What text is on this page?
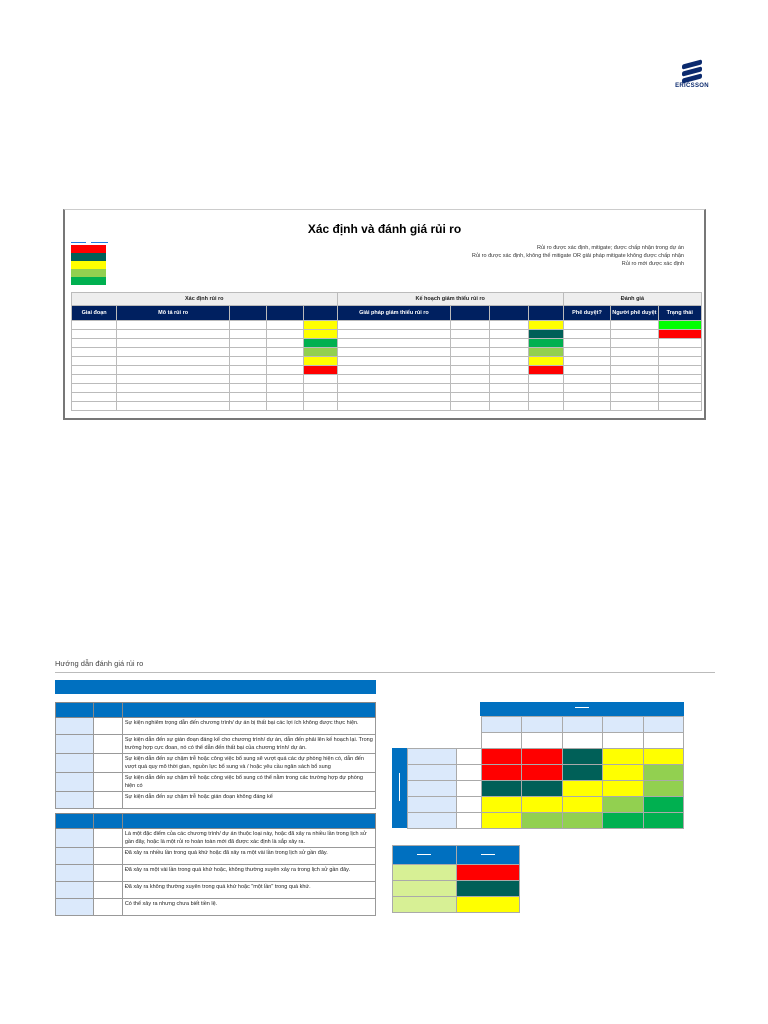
ERICSSON
Xác định và đánh giá rủi ro
Rủi ro được xác định, mitigate; được chấp nhận trong dự án
Rủi ro được xác định, không thể mitigate OR giải pháp mitigate không được chấp nhận
Rủi ro mới được xác định
Xác định rủi ro					Kế hoạch giảm thiểu rủi ro				Đánh giá		
Giai đoạn	Mô tả rủi ro				Giải pháp giảm thiểu rủi ro				Phê duyệt?	Người phê duyệt	Trạng thái

Hướng dẫn đánh giá rủi ro

		Sự kiện nghiêm trọng dẫn đến chương trình/ dự án bị thất bại các lợi ích không được thực hiện.
		Sự kiện dẫn đến sự gián đoạn đáng kể cho chương trình/ dự án, dẫn đến phải lên kế hoạch lại. Trong trường hợp cực đoan, nó có thể dẫn đến thất bại của chương trình/ dự án.
		Sự kiện dẫn đến sự chậm trễ hoặc công việc bổ sung sẽ vượt quá các dự phòng hiện có, dẫn đến vượt quá quy mô thời gian, nguồn lực bổ sung và / hoặc yêu cầu ngân sách bổ sung
		Sự kiện dẫn đến sự chậm trễ hoặc công việc bổ sung có thể nằm trong các trường hợp dự phòng hiện có
		Sự kiện dẫn đến sự chậm trễ hoặc gián đoạn không đáng kể

		Là một đặc điểm của các chương trình/ dự án thuộc loại này, hoặc đã xảy ra nhiều lần trong lịch sử gần đây, hoặc là một rủi ro hoàn toàn mới đã được xác định là sắp xảy ra.
		Đã xảy ra nhiều lần trong quá khứ hoặc đã xảy ra một vài lần trong lịch sử gần đây.
		Đã xảy ra một vài lần trong quá khứ hoặc, không thường xuyên xảy ra trong lịch sử gần đây.
		Đã xảy ra không thường xuyên trong quá khứ hoặc "một lần" trong quá khứ.
		Có thể xảy ra nhưng chưa biết tiền lệ.
